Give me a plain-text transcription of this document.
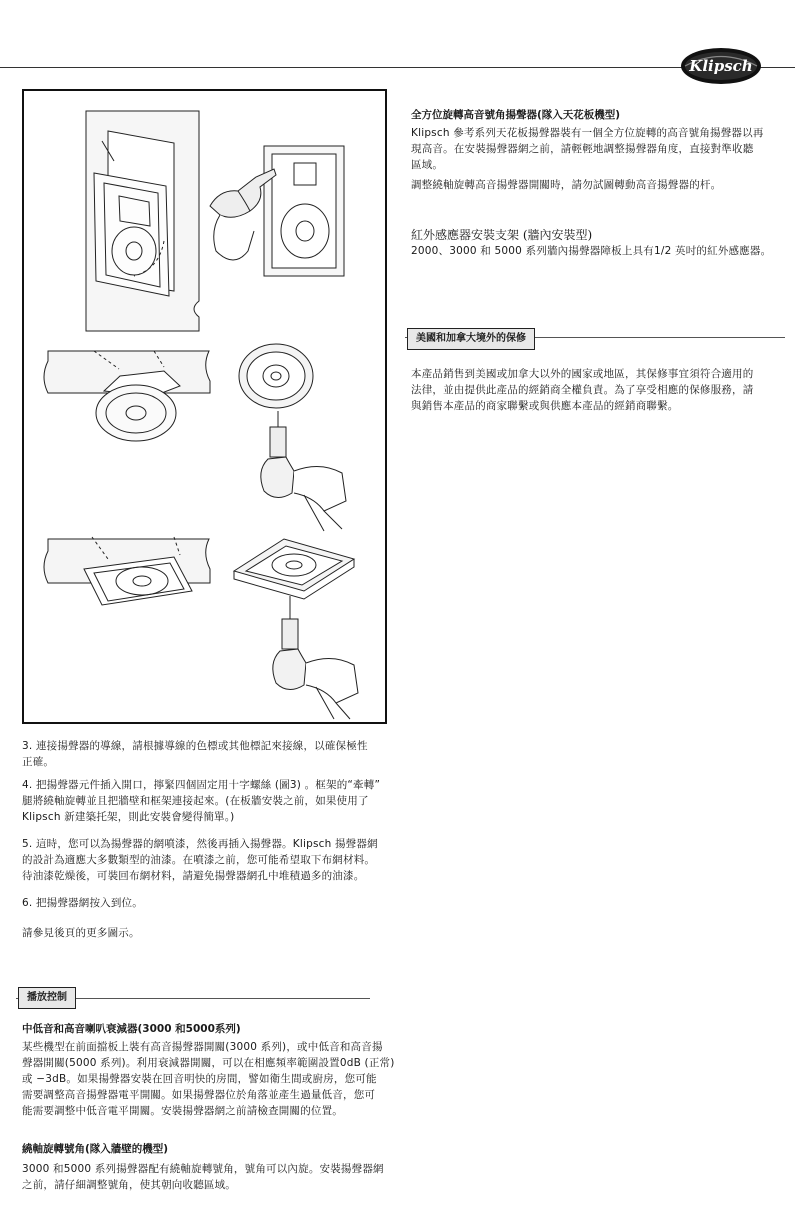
Klipsch

全方位旋轉高音號角揚聲器(隊入天花板機型)

Klipsch 參考系列天花板揚聲器裝有一個全方位旋轉的高音號角揚聲器以再

現高音。在安裝揚聲器網之前，請輕輕地調整揚聲器角度，直接對準收聽

區域。

調整繞軸旋轉高音揚聲器開關時，請勿試圖轉動高音揚聲器的杆。

紅外感應器安裝支架 (牆內安裝型)

2000、3000 和 5000 系列牆內揚聲器障板上具有1/2 英吋的紅外感應器。

美國和加拿大境外的保修

本產品銷售到美國或加拿大以外的國家或地區，其保修事宜須符合適用的

法律，並由提供此產品的經銷商全權負責。為了享受相應的保修服務，請

與銷售本產品的商家聯繫或與供應本產品的經銷商聯繫。

3. 連接揚聲器的導線，請根據導線的色標或其他標記來接線，以確保極性

正確。

4. 把揚聲器元件插入開口，擰緊四個固定用十字螺絲 (圖3) 。框架的“牽轉”

腿將繞軸旋轉並且把牆壁和框架連接起來。(在板牆安裝之前，如果使用了

Klipsch 新建築托架，則此安裝會變得簡單。)

5. 這時，您可以為揚聲器的網噴漆，然後再插入揚聲器。Klipsch 揚聲器網

的設計為適應大多數類型的油漆。在噴漆之前，您可能希望取下布網材料。

待油漆乾燥後，可裝回布網材料，請避免揚聲器網孔中堆積過多的油漆。

6. 把揚聲器網按入到位。

請參見後頁的更多圖示。

播放控制

中低音和高音喇叭衰減器(3000 和5000系列)

某些機型在前面擋板上裝有高音揚聲器開關(3000 系列)，或中低音和高音揚

聲器開關(5000 系列)。利用衰減器開關，可以在相應頻率範圍設置0dB (正常)

或 −3dB。如果揚聲器安裝在回音明快的房間，譬如衛生間或廚房，您可能

需要調整高音揚聲器電平開關。如果揚聲器位於角落並產生過量低音，您可

能需要調整中低音電平開關。安裝揚聲器網之前請檢查開關的位置。

繞軸旋轉號角(隊入牆壁的機型)

3000 和5000 系列揚聲器配有繞軸旋轉號角，號角可以內旋。安裝揚聲器網

之前，請仔細調整號角，使其朝向收聽區域。
